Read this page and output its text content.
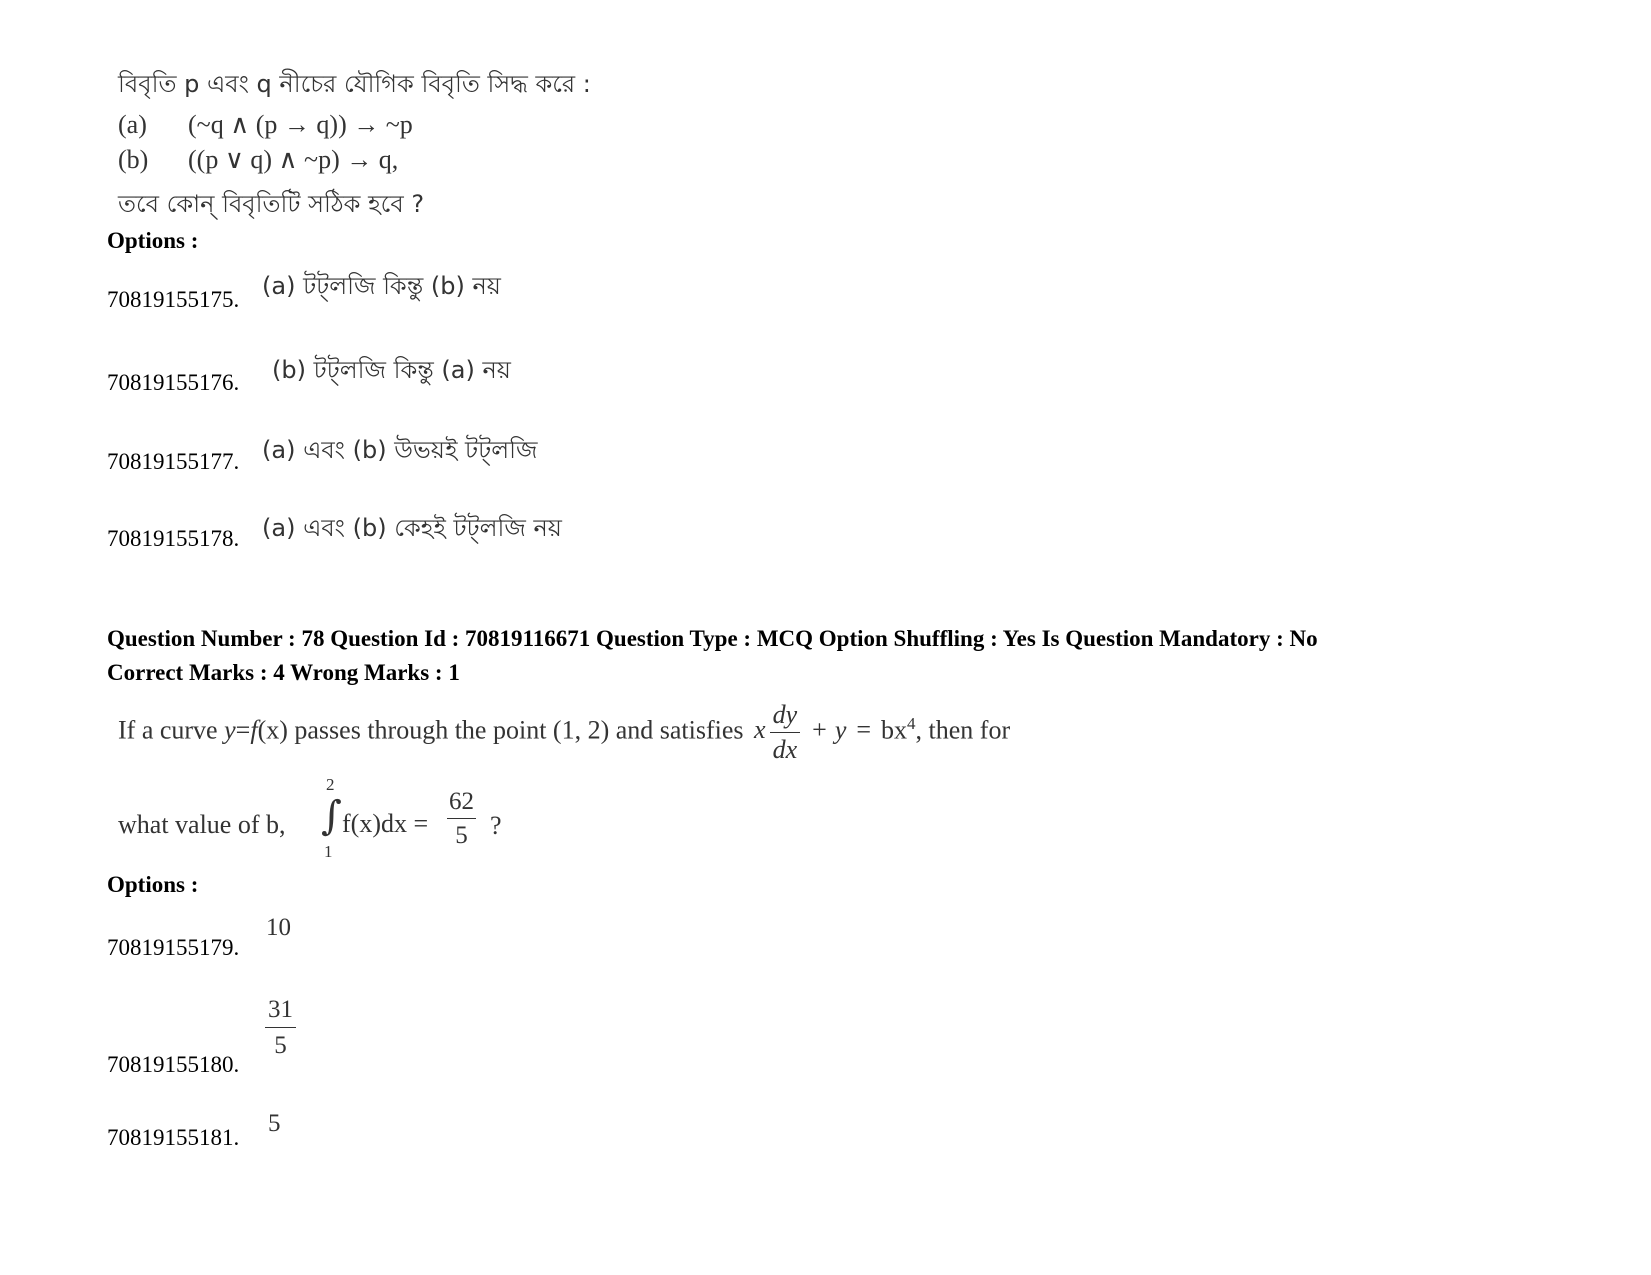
বিবৃতি p এবং q নীচের যৌগিক বিবৃতি সিদ্ধ করে :
(a) (~q ∧ (p → q)) → ~p
(b) ((p ∨ q) ∧ ~p) → q,
তবে কোন্ বিবৃতিটি সঠিক হবে ?
Options :
70819155175. (a) টট্‌লজি কিন্তু (b) নয়
70819155176. (b) টট্‌লজি কিন্তু (a) নয়
70819155177. (a) এবং (b) উভয়ই টট্‌লজি
70819155178. (a) এবং (b) কেহই টট্‌লজি নয়
Question Number : 78 Question Id : 70819116671 Question Type : MCQ Option Shuffling : Yes Is Question Mandatory : No
Correct Marks : 4 Wrong Marks : 1
If a curve y=f(x) passes through the point (1, 2) and satisfies x $\frac{dy}{dx} + y = bx^4$, then for
what value of b,
2
∫
1
$f(x)dx = \frac{62}{5}$ ?
Options :
70819155179.
10
70819155180.
$\frac{31}{5}$
70819155181.
5
